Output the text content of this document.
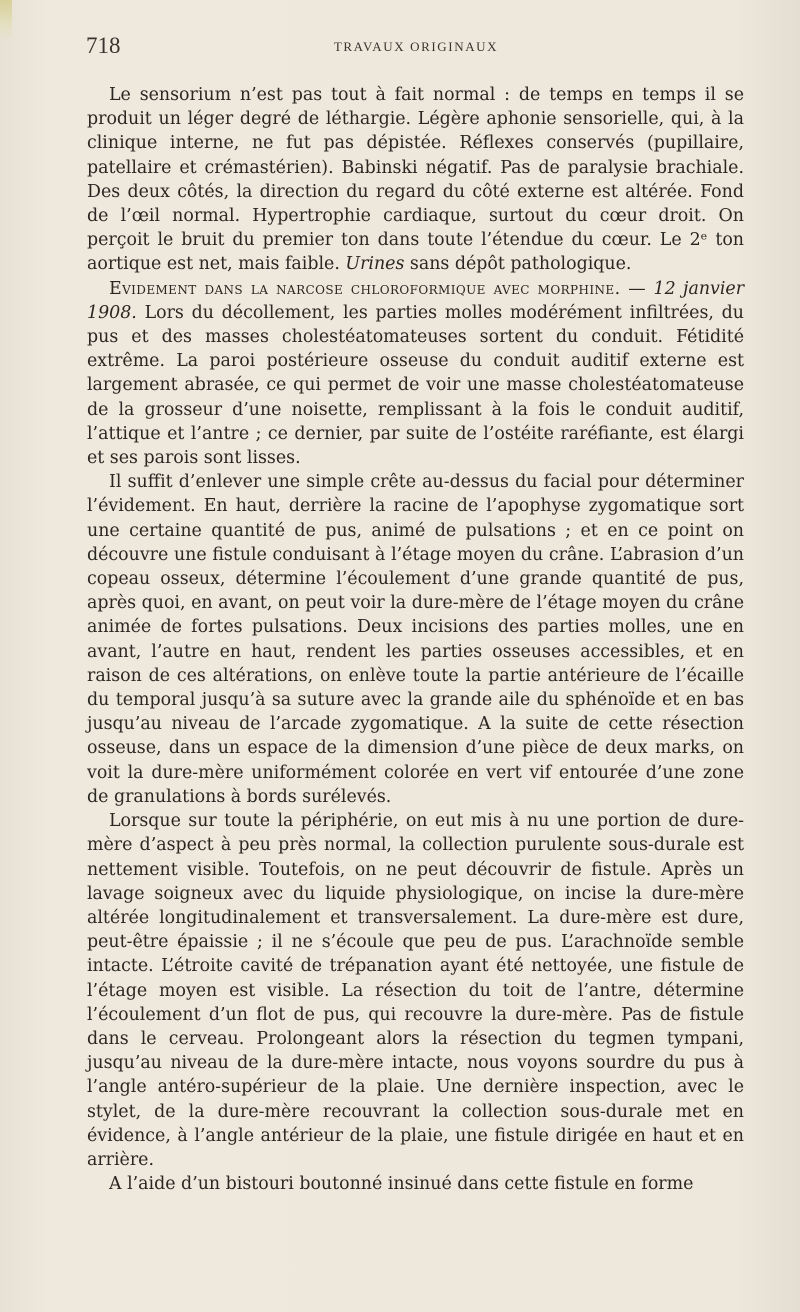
718	TRAVAUX ORIGINAUX

Le sensorium n’est pas tout à fait normal : de temps en temps il se produit un léger degré de léthargie. Légère aphonie sensorielle, qui, à la clinique interne, ne fut pas dépistée. Réflexes conservés (pupillaire, patellaire et crémastérien). Babinski négatif. Pas de paralysie brachiale. Des deux côtés, la direction du regard du côté externe est altérée. Fond de l’œil normal. Hypertrophie cardiaque, surtout du cœur droit. On perçoit le bruit du premier ton dans toute l’étendue du cœur. Le 2ᵉ ton aortique est net, mais faible. Urines sans dépôt pathologique.

Evidement dans la narcose chloroformique avec morphine. — 12 janvier 1908. Lors du décollement, les parties molles modérément infiltrées, du pus et des masses cholestéatomateuses sortent du conduit. Fétidité extrême. La paroi postérieure osseuse du conduit auditif externe est largement abrasée, ce qui permet de voir une masse cholestéatomateuse de la grosseur d’une noisette, remplissant à la fois le conduit auditif, l’attique et l’antre ; ce dernier, par suite de l’ostéite raréfiante, est élargi et ses parois sont lisses.

Il suffit d’enlever une simple crête au-dessus du facial pour déterminer l’évidement. En haut, derrière la racine de l’apophyse zygomatique sort une certaine quantité de pus, animé de pulsations ; et en ce point on découvre une fistule conduisant à l’étage moyen du crâne. L’abrasion d’un copeau osseux, détermine l’écoulement d’une grande quantité de pus, après quoi, en avant, on peut voir la dure-mère de l’étage moyen du crâne animée de fortes pulsations. Deux incisions des parties molles, une en avant, l’autre en haut, rendent les parties osseuses accessibles, et en raison de ces altérations, on enlève toute la partie antérieure de l’écaille du temporal jusqu’à sa suture avec la grande aile du sphénoïde et en bas jusqu’au niveau de l’arcade zygomatique. A la suite de cette résection osseuse, dans un espace de la dimension d’une pièce de deux marks, on voit la dure-mère uniformément colorée en vert vif entourée d’une zone de granulations à bords surélevés.

Lorsque sur toute la périphérie, on eut mis à nu une portion de dure-mère d’aspect à peu près normal, la collection purulente sous-durale est nettement visible. Toutefois, on ne peut découvrir de fistule. Après un lavage soigneux avec du liquide physiologique, on incise la dure-mère altérée longitudinalement et transversalement. La dure-mère est dure, peut-être épaissie ; il ne s’écoule que peu de pus. L’arachnoïde semble intacte. L’étroite cavité de trépanation ayant été nettoyée, une fistule de l’étage moyen est visible. La résection du toit de l’antre, détermine l’écoulement d’un flot de pus, qui recouvre la dure-mère. Pas de fistule dans le cerveau. Prolongeant alors la résection du tegmen tympani, jusqu’au niveau de la dure-mère intacte, nous voyons sourdre du pus à l’angle antéro-supérieur de la plaie. Une dernière inspection, avec le stylet, de la dure-mère recouvrant la collection sous-durale met en évidence, à l’angle antérieur de la plaie, une fistule dirigée en haut et en arrière.

A l’aide d’un bistouri boutonné insinué dans cette fistule en forme
